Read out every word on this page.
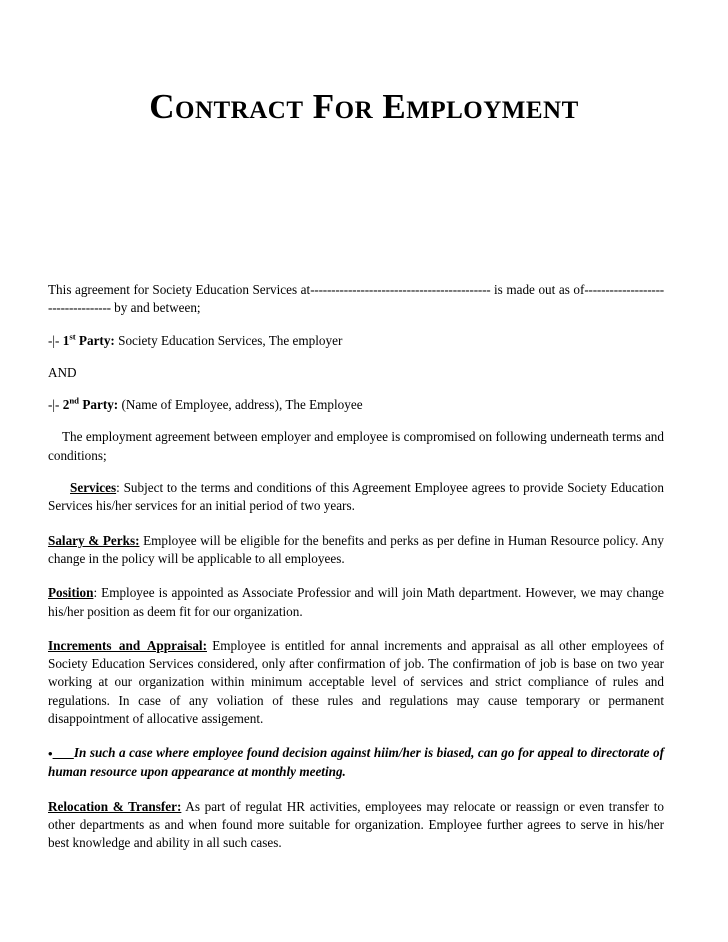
Contract For Employment

This agreement for Society Education Services at------------------------------------------- is made out as of---------------------------------- by and between;

-|- 1st Party: Society Education Services, The employer

AND

-|- 2nd Party: (Name of Employee, address), The Employee

The employment agreement between employer and employee is compromised on following underneath terms and conditions;

Services: Subject to the terms and conditions of this Agreement Employee agrees to provide Society Education Services his/her services for an initial period of two years.

Salary & Perks: Employee will be eligible for the benefits and perks as per define in Human Resource policy. Any change in the policy will be applicable to all employees.

Position: Employee is appointed as Associate Professior and will join Math department. However, we may change his/her position as deem fit for our organization.

Increments and Appraisal: Employee is entitled for annal increments and appraisal as all other employees of Society Education Services considered, only after confirmation of job. The confirmation of job is base on two year working at our organization within minimum acceptable level of services and strict compliance of rules and regulations. In case of any voliation of these rules and regulations may cause temporary or permanent disappointment of allocative assigement.

• In such a case where employee found decision against hiim/her is biased, can go for appeal to directorate of human resource upon appearance at monthly meeting.

Relocation & Transfer: As part of regulat HR activities, employees may relocate or reassign or even transfer to other departments as and when found more suitable for organization. Employee further agrees to serve in his/her best knowledge and ability in all such cases.
